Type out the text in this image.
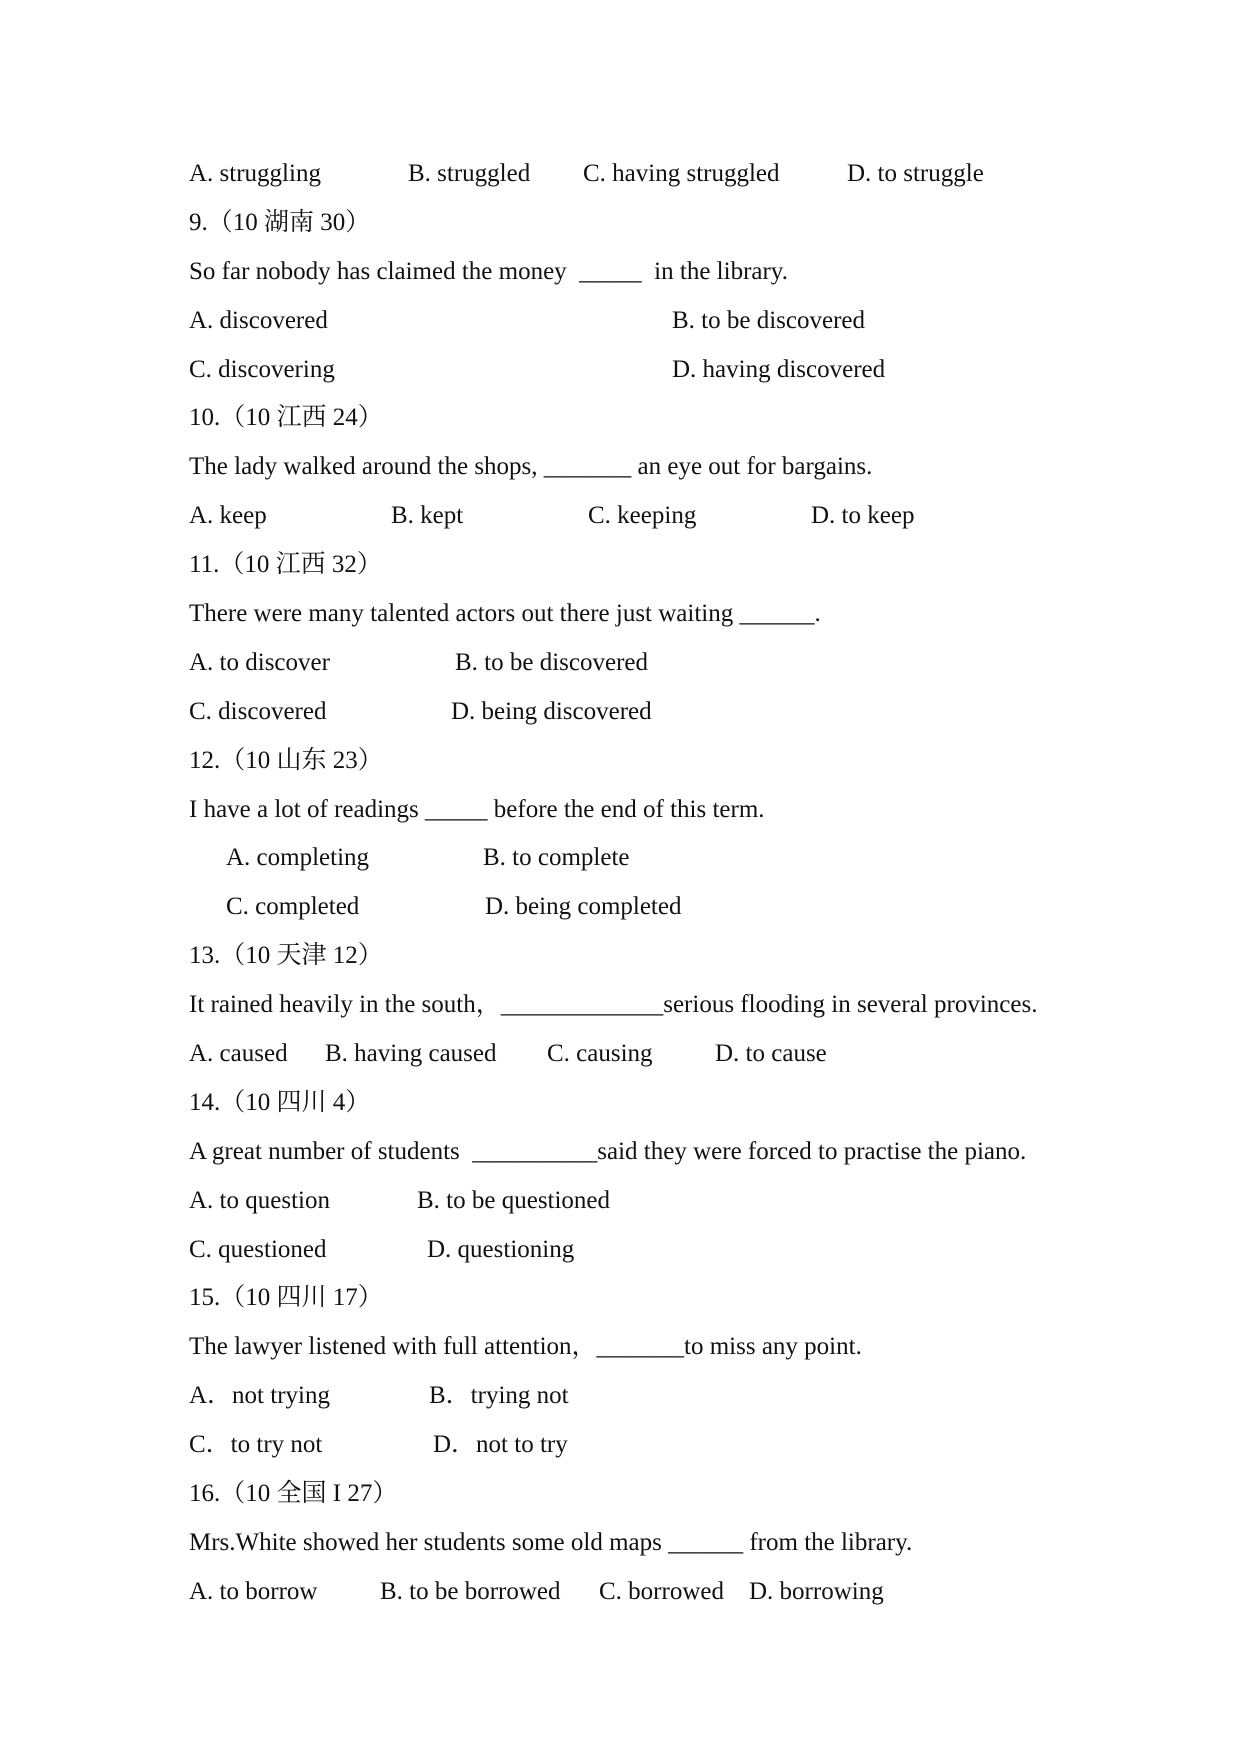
A. struggling	B. struggled C. having struggled	D. to struggle
9.（10 湖南 30）
So far nobody has claimed the money  _____  in the library.
A. discovered	B. to be discovered
C. discovering	D. having discovered
10.（10 江西 24）
The lady walked around the shops, _______ an eye out for bargains.
A. keep	B. kept	C. keeping	D. to keep
11.（10 江西 32）
There were many talented actors out there just waiting ______.
A. to discover	B. to be discovered
C. discovered	D. being discovered
12.（10 山东 23）
I have a lot of readings _____ before the end of this term.
A. completing	B. to complete
C. completed	D. being completed
13.（10 天津 12）
It rained heavily in the south，_____________serious flooding in several provinces.
A. caused B. having caused C. causing D. to cause
14.（10 四川 4）
A great number of students  __________said they were forced to practise the piano.
A. to question	B. to be questioned
C. questioned	D. questioning
15.（10 四川 17）
The lawyer listened with full attention，_______to miss any point.
A．not trying	B．trying not
C．to try not	D．not to try
16.（10 全国 I 27）
Mrs.White showed her students some old maps ______ from the library.
A. to borrow	B. to be borrowed C. borrowed D. borrowing
